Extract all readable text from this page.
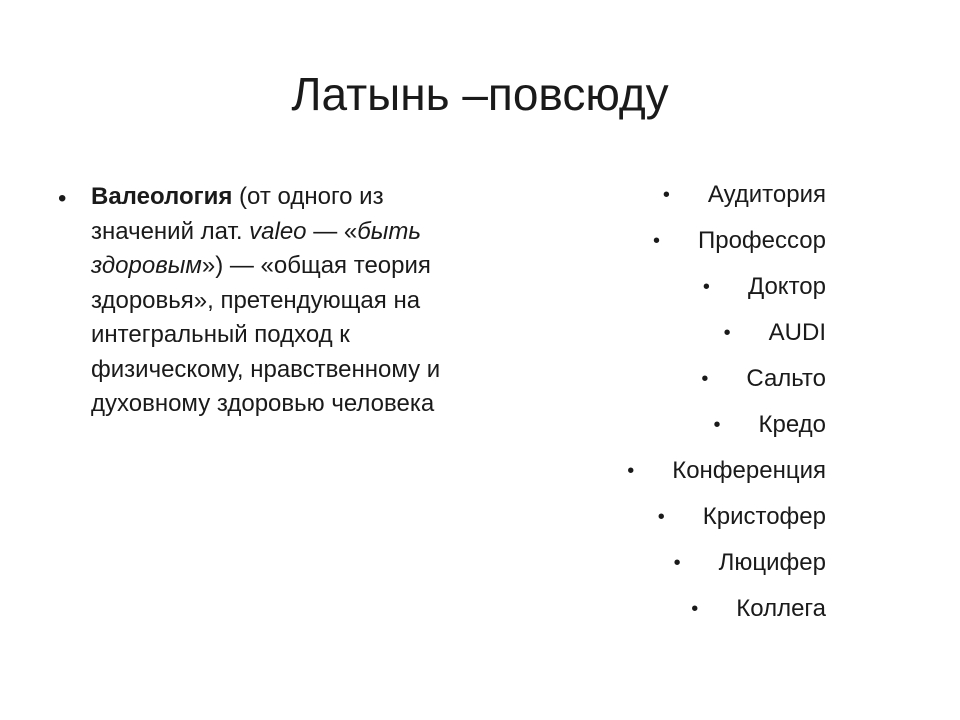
Латынь –повсюду
• Валеология (от одного из значений лат. valeo — «быть здоровым») — «общая теория здоровья», претендующая на интегральный подход к физическому, нравственному и духовному здоровью человека
• Аудитория
• Профессор
• Доктор
• AUDI
• Сальто
• Кредо
• Конференция
• Кристофер
• Люцифер
• Коллега
